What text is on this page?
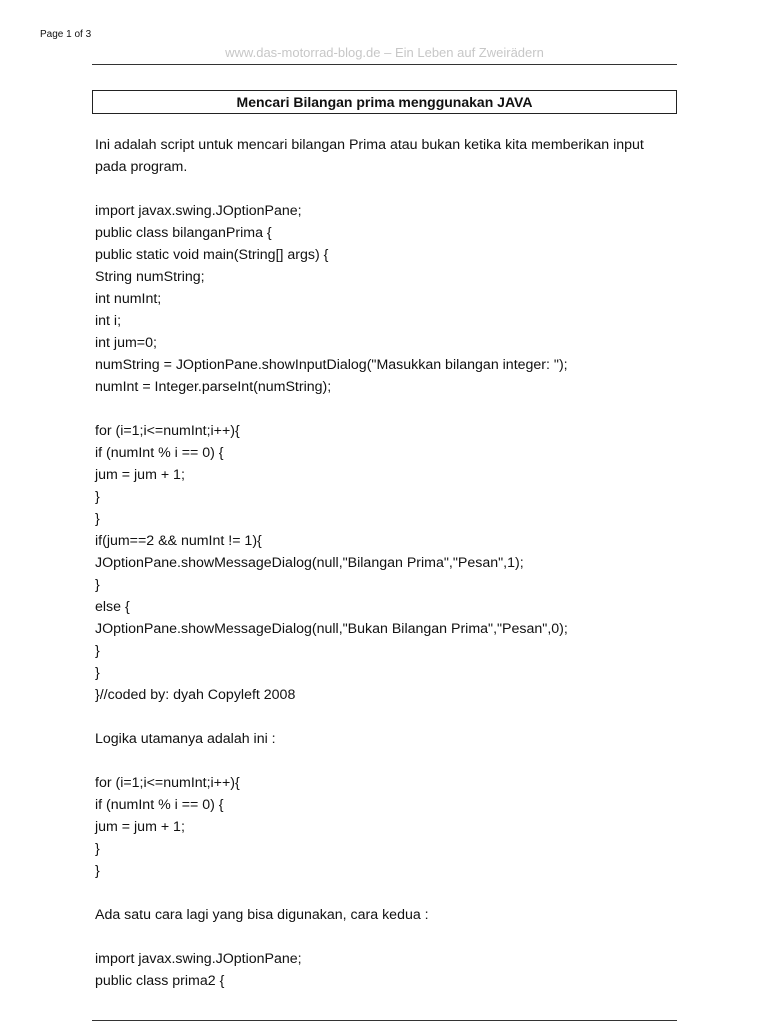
Page 1 of 3
www.das-motorrad-blog.de – Ein Leben auf Zweirädern
Mencari Bilangan prima menggunakan JAVA

Ini adalah script untuk mencari bilangan Prima atau bukan ketika kita memberikan input pada program.

import javax.swing.JOptionPane;
public class bilanganPrima {
public static void main(String[] args) {
String numString;
int numInt;
int i;
int jum=0;
numString = JOptionPane.showInputDialog("Masukkan bilangan integer: ");
numInt = Integer.parseInt(numString);
for (i=1;i<=numInt;i++){
if (numInt % i == 0) {
jum = jum + 1;
}
}
if(jum==2 && numInt != 1){
JOptionPane.showMessageDialog(null,"Bilangan Prima","Pesan",1);
}
else {
JOptionPane.showMessageDialog(null,"Bukan Bilangan Prima","Pesan",0);
}
}
}//coded by: dyah Copyleft 2008

Logika utamanya adalah ini :

for (i=1;i<=numInt;i++){
if (numInt % i == 0) {
jum = jum + 1;
}
}

Ada satu cara lagi yang bisa digunakan, cara kedua :

import javax.swing.JOptionPane;
public class prima2 {
